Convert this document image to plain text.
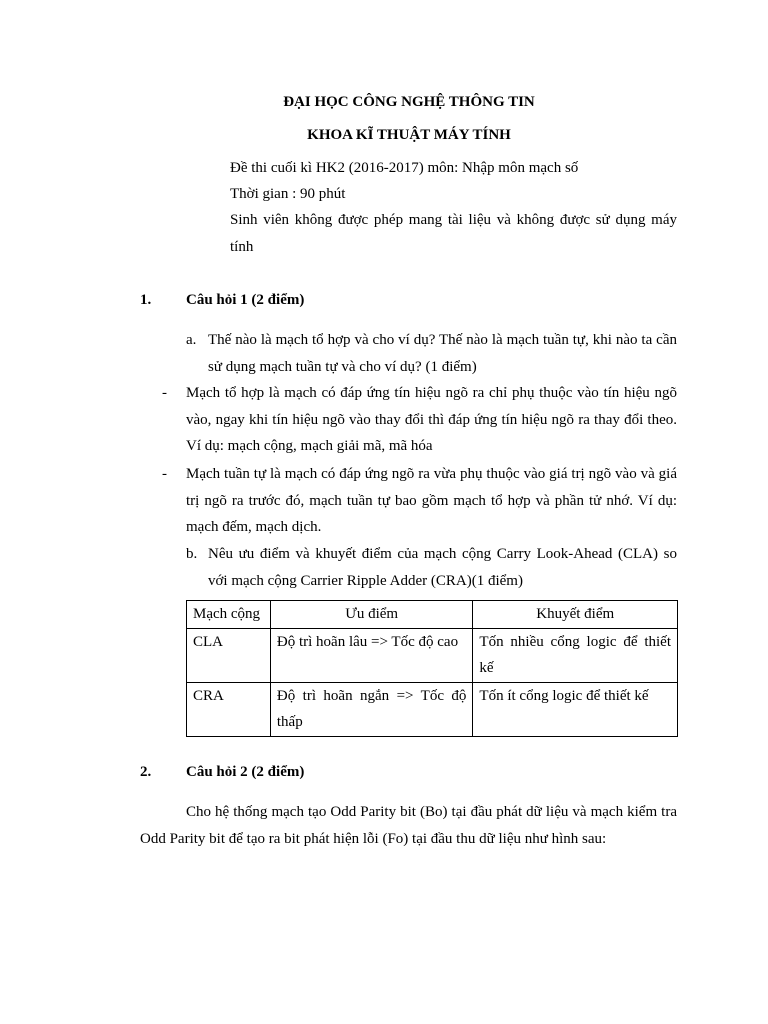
ĐẠI HỌC CÔNG NGHỆ THÔNG TIN
KHOA KĨ THUẬT MÁY TÍNH
Đề thi cuối kì HK2 (2016-2017) môn: Nhập môn mạch số
Thời gian : 90 phút
Sinh viên không được phép mang tài liệu và không được sử dụng máy tính
1. Câu hỏi 1 (2 điểm)
a. Thế nào là mạch tổ hợp và cho ví dụ? Thế nào là mạch tuần tự, khi nào ta cần sử dụng mạch tuần tự và cho ví dụ? (1 điểm)
- Mạch tổ hợp là mạch có đáp ứng tín hiệu ngõ ra chỉ phụ thuộc vào tín hiệu ngõ vào, ngay khi tín hiệu ngõ vào thay đổi thì đáp ứng tín hiệu ngõ ra thay đổi theo. Ví dụ: mạch cộng, mạch giải mã, mã hóa
- Mạch tuần tự là mạch có đáp ứng ngõ ra vừa phụ thuộc vào giá trị ngõ vào và giá trị ngõ ra trước đó, mạch tuần tự bao gồm mạch tổ hợp và phần tử nhớ. Ví dụ: mạch đếm, mạch dịch.
b. Nêu ưu điểm và khuyết điểm của mạch cộng Carry Look-Ahead (CLA) so với mạch cộng Carrier Ripple Adder (CRA)(1 điểm)
Mạch cộng	Ưu điểm	Khuyết điểm
CLA	Độ trì hoãn lâu => Tốc độ cao	Tốn nhiều cổng logic để thiết kế
CRA	Độ trì hoãn ngắn => Tốc độ thấp	Tốn ít cổng logic để thiết kế
2. Câu hỏi 2 (2 điểm)
Cho hệ thống mạch tạo Odd Parity bit (Bo) tại đầu phát dữ liệu và mạch kiểm tra Odd Parity bit để tạo ra bit phát hiện lỗi (Fo) tại đầu thu dữ liệu như hình sau:
